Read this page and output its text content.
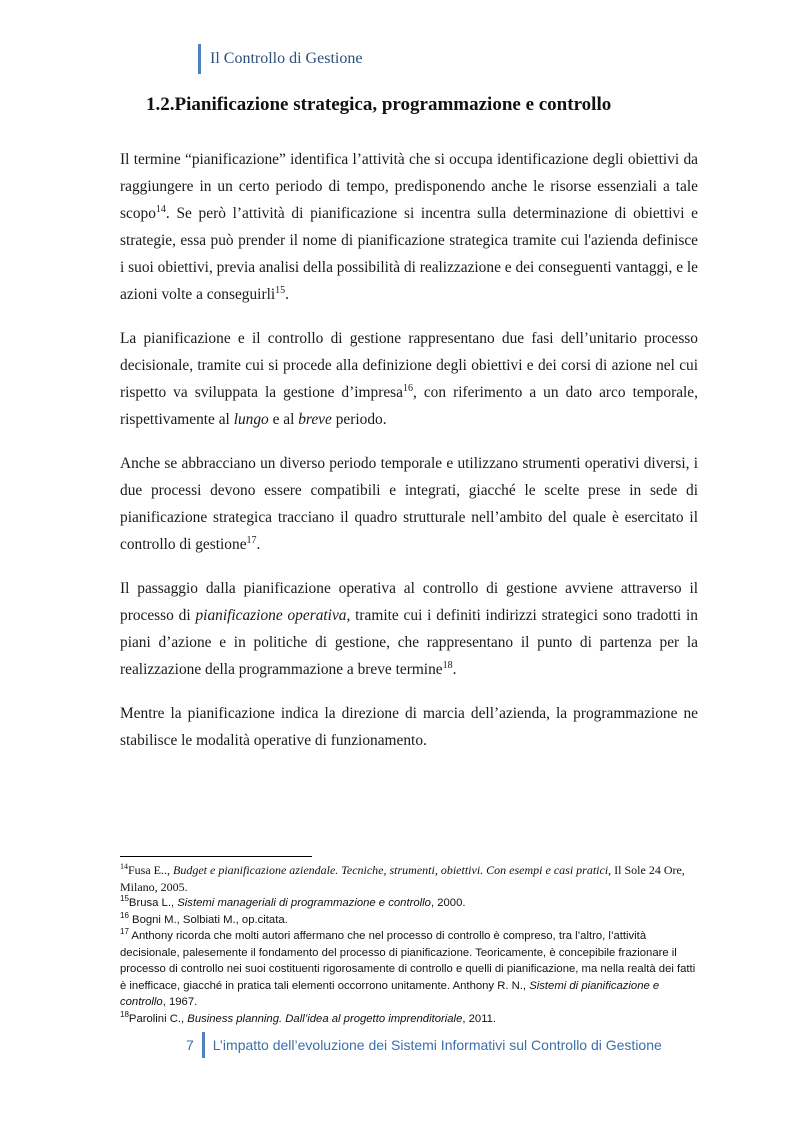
Il Controllo di Gestione
1.2.Pianificazione strategica, programmazione e controllo

Il termine “pianificazione” identifica l’attività che si occupa identificazione degli obiettivi da raggiungere in un certo periodo di tempo, predisponendo anche le risorse essenziali a tale scopo$^{14}$. Se però l’attività di pianificazione si incentra sulla determinazione di obiettivi e strategie, essa può prender il nome di pianificazione strategica tramite cui l'azienda definisce i suoi obiettivi, previa analisi della possibilità di realizzazione e dei conseguenti vantaggi, e le azioni volte a conseguirli$^{15}$.

La pianificazione e il controllo di gestione rappresentano due fasi dell’unitario processo decisionale, tramite cui si procede alla definizione degli obiettivi e dei corsi di azione nel cui rispetto va sviluppata la gestione d’impresa$^{16}$, con riferimento a un dato arco temporale, rispettivamente al lungo e al breve periodo.

Anche se abbracciano un diverso periodo temporale e utilizzano strumenti operativi diversi, i due processi devono essere compatibili e integrati, giacché le scelte prese in sede di pianificazione strategica tracciano il quadro strutturale nell’ambito del quale è esercitato il controllo di gestione$^{17}$.

Il passaggio dalla pianificazione operativa al controllo di gestione avviene attraverso il processo di pianificazione operativa, tramite cui i definiti indirizzi strategici sono tradotti in piani d’azione e in politiche di gestione, che rappresentano il punto di partenza per la realizzazione della programmazione a breve termine$^{18}$.

Mentre la pianificazione indica la direzione di marcia dell’azienda, la programmazione ne stabilisce le modalità operative di funzionamento.

$^{14}$Fusa E.., Budget e pianificazione aziendale. Tecniche, strumenti, obiettivi. Con esempi e casi pratici, Il Sole 24 Ore, Milano, 2005.
$^{15}$Brusa L., Sistemi manageriali di programmazione e controllo, 2000.
$^{16}$ Bogni M., Solbiati M., op.citata.
$^{17}$ Anthony ricorda che molti autori affermano che nel processo di controllo è compreso, tra l’altro, l’attività decisionale, palesemente il fondamento del processo di pianificazione. Teoricamente, è concepibile frazionare il processo di controllo nei suoi costituenti rigorosamente di controllo e quelli di pianificazione, ma nella realtà dei fatti è inefficace, giacché in pratica tali elementi occorrono unitamente. Anthony R. N., Sistemi di pianificazione e controllo, 1967.
$^{18}$Parolini C., Business planning. Dall’idea al progetto imprenditoriale, 2011.
7 L’impatto dell’evoluzione dei Sistemi Informativi sul Controllo di Gestione
